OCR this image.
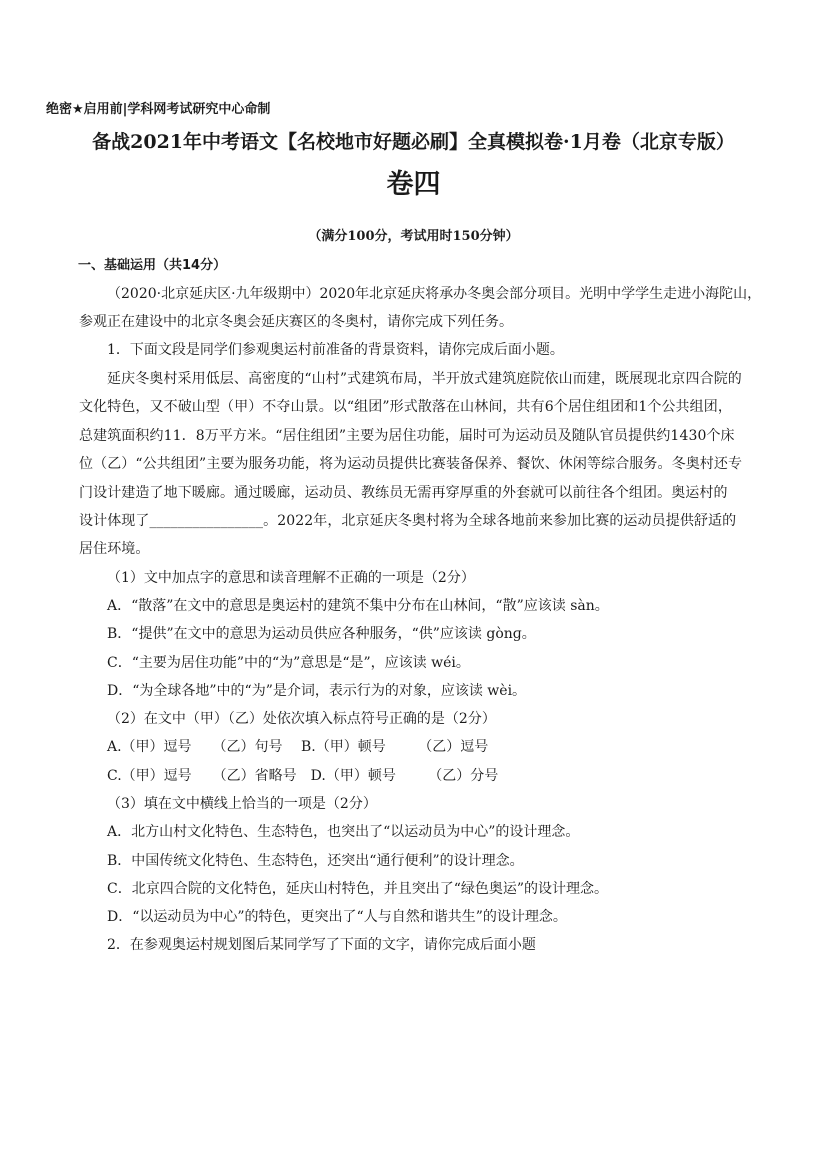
绝密★启用前|学科网考试研究中心命制
备战2021年中考语文【名校地市好题必刷】全真模拟卷·1月卷（北京专版）
卷四
（满分100分，考试用时150分钟）
一、基础运用（共14分）
（2020·北京延庆区·九年级期中）2020年北京延庆将承办冬奥会部分项目。光明中学学生走进小海陀山，
参观正在建设中的北京冬奥会延庆赛区的冬奥村，请你完成下列任务。
1．下面文段是同学们参观奥运村前准备的背景资料，请你完成后面小题。
延庆冬奥村采用低层、高密度的“山村”式建筑布局，半开放式建筑庭院依山而建，既展现北京四合院的
文化特色，又不破山型（甲）不夺山景。以“组团”形式散落在山林间，共有6个居住组团和1个公共组团，
总建筑面积约11．8万平方米。“居住组团”主要为居住功能，届时可为运动员及随队官员提供约1430个床
位（乙）“公共组团”主要为服务功能，将为运动员提供比赛装备保养、餐饮、休闲等综合服务。冬奥村还专
门设计建造了地下暖廊。通过暖廊，运动员、教练员无需再穿厚重的外套就可以前往各个组团。奥运村的
设计体现了________________。2022年，北京延庆冬奥村将为全球各地前来参加比赛的运动员提供舒适的
居住环境。
（1）文中加点字的意思和读音理解不正确的一项是（2分）
A．“散落”在文中的意思是奥运村的建筑不集中分布在山林间，“散”应该读 sàn。
B．“提供”在文中的意思为运动员供应各种服务，“供”应该读 gònɡ。
C．“主要为居住功能”中的“为”意思是“是”，应该读 wéi。
D．“为全球各地”中的“为”是介词，表示行为的对象，应该读 wèi。
（2）在文中（甲）（乙）处依次填入标点符号正确的是（2分）
A.（甲）逗号　　（乙）句号　 B.（甲）顿号　　 （乙）逗号
C.（甲）逗号　　（乙）省略号　D.（甲）顿号　　 （乙）分号
（3）填在文中横线上恰当的一项是（2分）
A．北方山村文化特色、生态特色，也突出了“以运动员为中心”的设计理念。
B．中国传统文化特色、生态特色，还突出“通行便利”的设计理念。
C．北京四合院的文化特色，延庆山村特色，并且突出了“绿色奥运”的设计理念。
D．“以运动员为中心”的特色，更突出了“人与自然和谐共生”的设计理念。
2．在参观奥运村规划图后某同学写了下面的文字，请你完成后面小题
